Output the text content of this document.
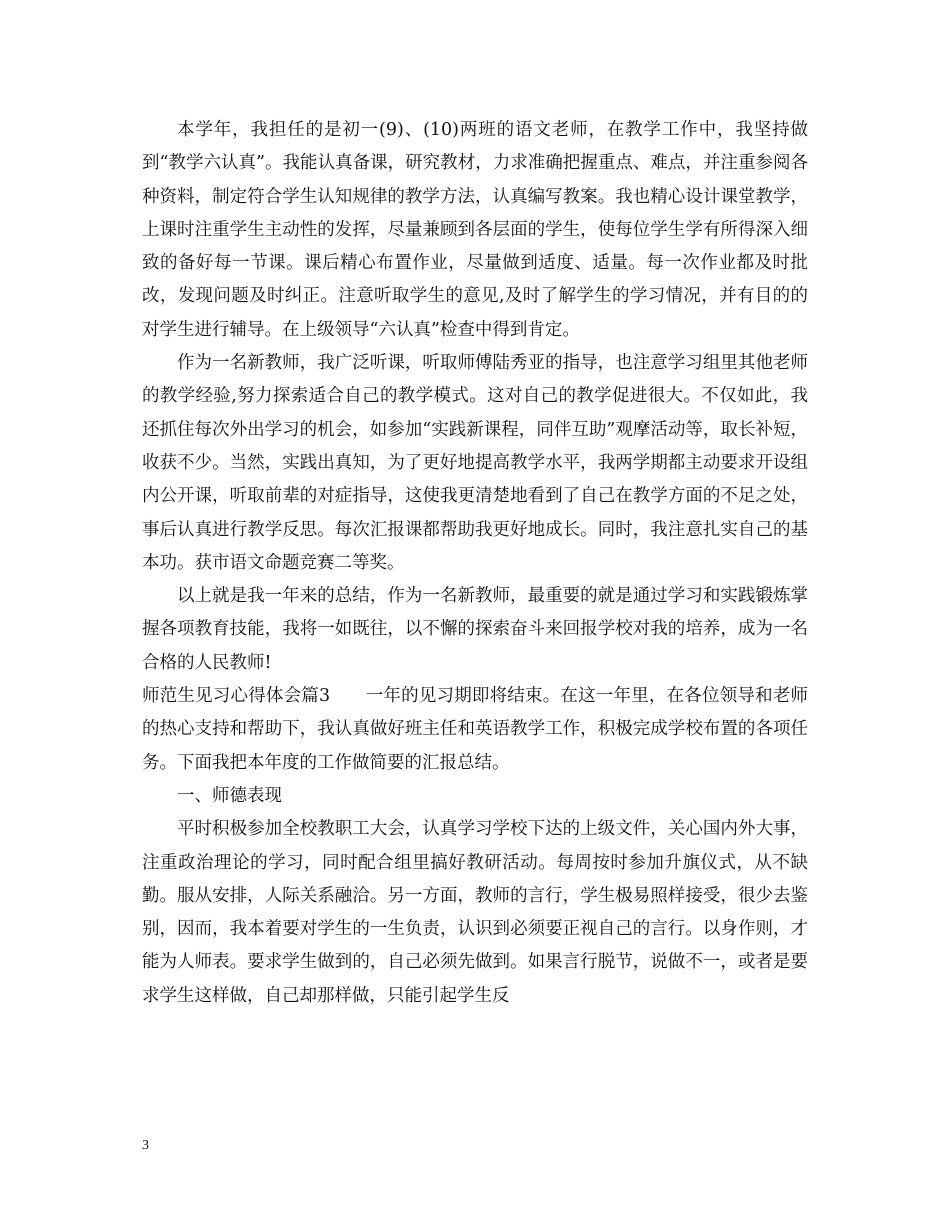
本学年，我担任的是初一(9)、(10)两班的语文老师，在教学工作中，我坚持做到“教学六认真”。我能认真备课，研究教材，力求准确把握重点、难点，并注重参阅各种资料，制定符合学生认知规律的教学方法，认真编写教案。我也精心设计课堂教学，上课时注重学生主动性的发挥，尽量兼顾到各层面的学生，使每位学生学有所得深入细致的备好每一节课。课后精心布置作业，尽量做到适度、适量。每一次作业都及时批改，发现问题及时纠正。注意听取学生的意见,及时了解学生的学习情况，并有目的的对学生进行辅导。在上级领导“六认真”检查中得到肯定。

作为一名新教师，我广泛听课，听取师傅陆秀亚的指导，也注意学习组里其他老师的教学经验,努力探索适合自己的教学模式。这对自己的教学促进很大。不仅如此，我还抓住每次外出学习的机会，如参加“实践新课程，同伴互助”观摩活动等，取长补短，收获不少。当然，实践出真知，为了更好地提高教学水平，我两学期都主动要求开设组内公开课，听取前辈的对症指导，这使我更清楚地看到了自己在教学方面的不足之处，事后认真进行教学反思。每次汇报课都帮助我更好地成长。同时，我注意扎实自己的基本功。获市语文命题竞赛二等奖。

以上就是我一年来的总结，作为一名新教师，最重要的就是通过学习和实践锻炼掌握各项教育技能，我将一如既往，以不懈的探索奋斗来回报学校对我的培养，成为一名合格的人民教师!

师范生见习心得体会篇3　　一年的见习期即将结束。在这一年里，在各位领导和老师的热心支持和帮助下，我认真做好班主任和英语教学工作，积极完成学校布置的各项任务。下面我把本年度的工作做简要的汇报总结。

一、师德表现

平时积极参加全校教职工大会，认真学习学校下达的上级文件，关心国内外大事，注重政治理论的学习，同时配合组里搞好教研活动。每周按时参加升旗仪式，从不缺勤。服从安排，人际关系融洽。另一方面，教师的言行，学生极易照样接受，很少去鉴别，因而，我本着要对学生的一生负责，认识到必须要正视自己的言行。以身作则，才能为人师表。要求学生做到的，自己必须先做到。如果言行脱节，说做不一，或者是要求学生这样做，自己却那样做，只能引起学生反

3
